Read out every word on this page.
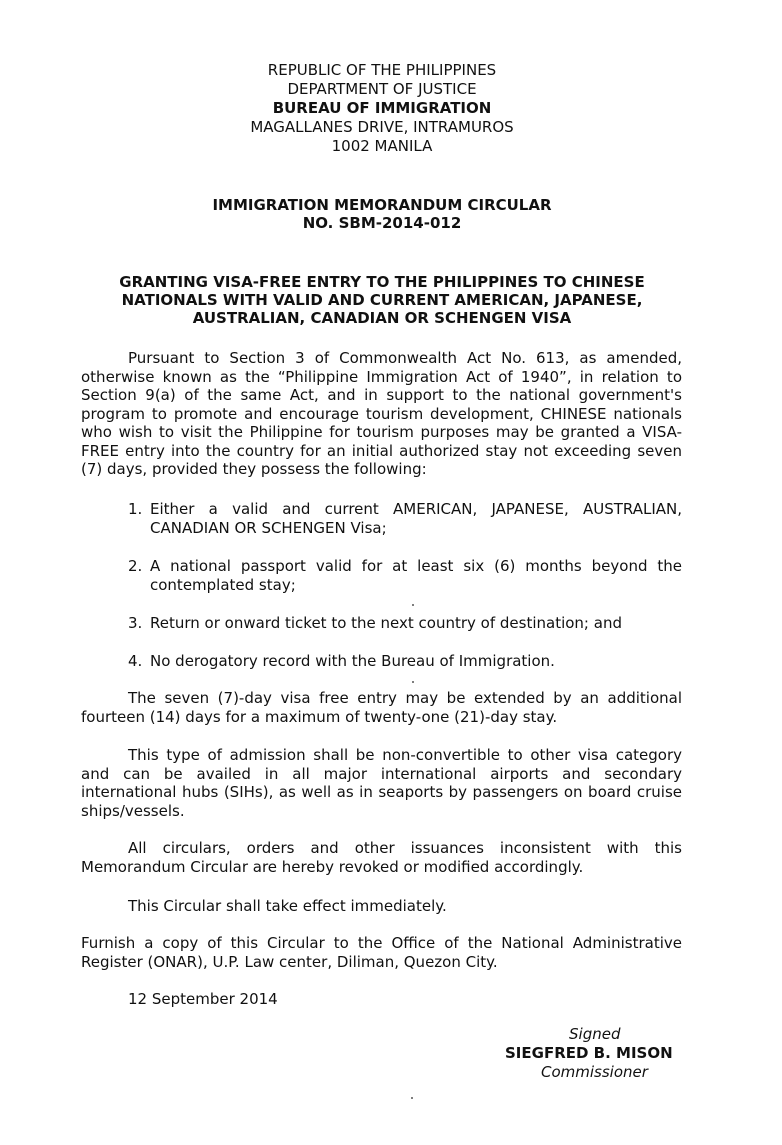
REPUBLIC OF THE PHILIPPINES
DEPARTMENT OF JUSTICE
BUREAU OF IMMIGRATION
MAGALLANES DRIVE, INTRAMUROS
1002 MANILA
IMMIGRATION MEMORANDUM CIRCULAR
NO. SBM-2014-012
GRANTING VISA-FREE ENTRY TO THE PHILIPPINES TO CHINESE
NATIONALS WITH VALID AND CURRENT AMERICAN, JAPANESE,
AUSTRALIAN, CANADIAN OR SCHENGEN VISA
Pursuant to Section 3 of Commonwealth Act No. 613, as amended, otherwise known as the “Philippine Immigration Act of 1940”, in relation to Section 9(a) of the same Act, and in support to the national government's program to promote and encourage tourism development, CHINESE nationals who wish to visit the Philippine for tourism purposes may be granted a VISA-FREE entry into the country for an initial authorized stay not exceeding seven (7) days, provided they possess the following:
1. Either a valid and current AMERICAN, JAPANESE, AUSTRALIAN, CANADIAN OR SCHENGEN Visa;
2. A national passport valid for at least six (6) months beyond the contemplated stay;
3. Return or onward ticket to the next country of destination; and
4. No derogatory record with the Bureau of Immigration.
The seven (7)-day visa free entry may be extended by an additional fourteen (14) days for a maximum of twenty-one (21)-day stay.
This type of admission shall be non-convertible to other visa category and can be availed in all major international airports and secondary international hubs (SIHs), as well as in seaports by passengers on board cruise ships/vessels.
All circulars, orders and other issuances inconsistent with this Memorandum Circular are hereby revoked or modified accordingly.
This Circular shall take effect immediately.
Furnish a copy of this Circular to the Office of the National Administrative Register (ONAR), U.P. Law center, Diliman, Quezon City.
12 September 2014
Signed
SIEGFRED B. MISON
Commissioner
